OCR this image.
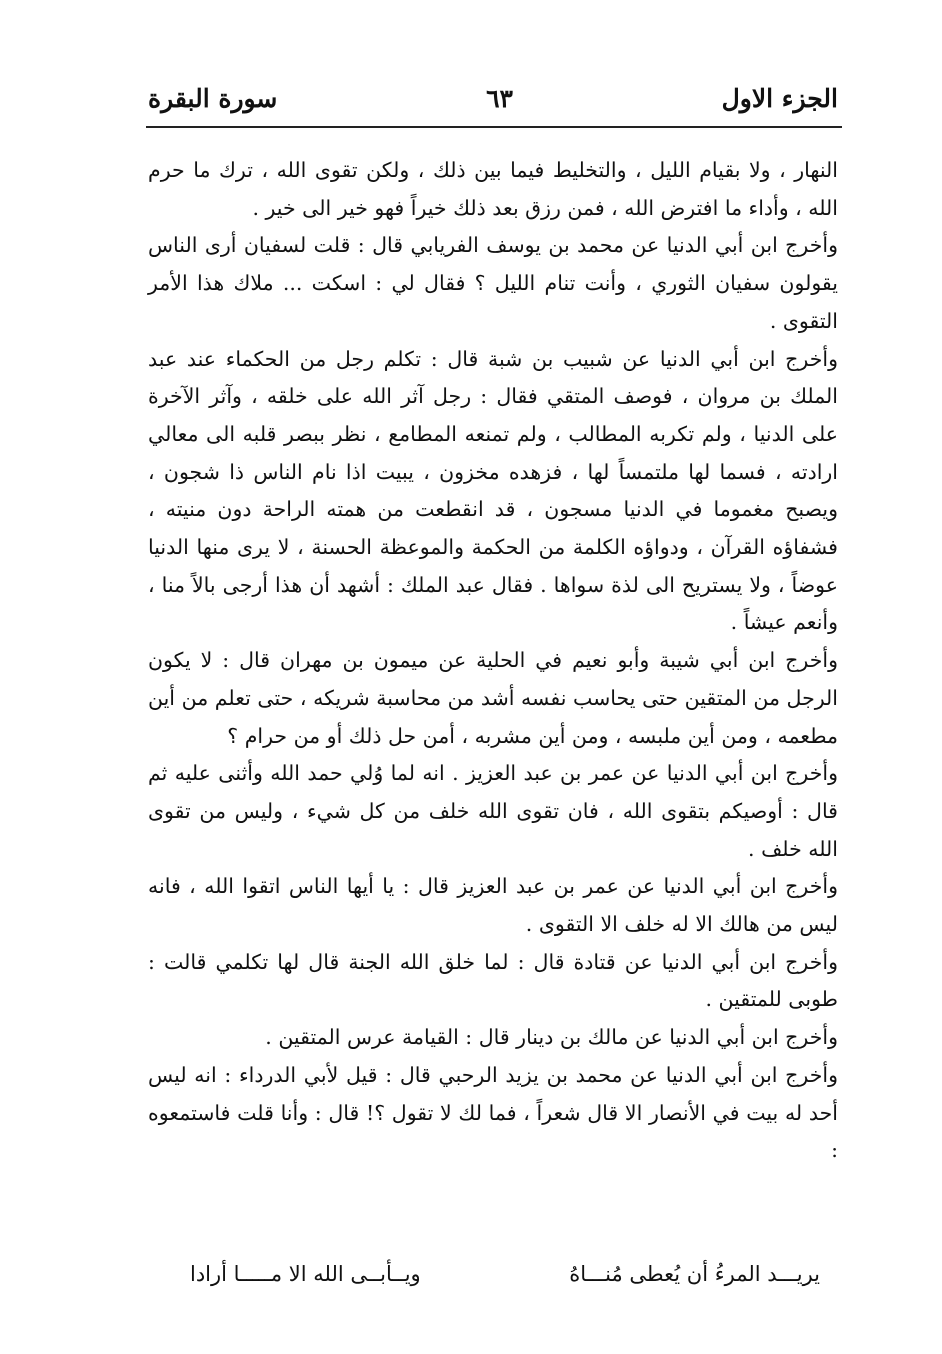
الجزء الاول
٦٣
سورة البقرة

النهار ، ولا بقيام الليل ، والتخليط فيما بين ذلك ، ولكن تقوى الله ، ترك ما حرم الله ، وأداء ما افترض الله ، فمن رزق بعد ذلك خيراً فهو خير الى خير .

وأخرج ابن أبي الدنيا عن محمد بن يوسف الفريابي قال : قلت لسفيان أرى الناس يقولون سفيان الثوري ، وأنت تنام الليل ؟ فقال لي : اسكت ... ملاك هذا الأمر التقوى .

وأخرج ابن أبي الدنيا عن شبيب بن شبة قال : تكلم رجل من الحكماء عند عبد الملك بن مروان ، فوصف المتقي فقال : رجل آثر الله على خلقه ، وآثر الآخرة على الدنيا ، ولم تكربه المطالب ، ولم تمنعه المطامع ، نظر ببصر قلبه الى معالي ارادته ، فسما لها ملتمساً لها ، فزهده مخزون ، يبيت اذا نام الناس ذا شجون ، ويصبح مغموما في الدنيا مسجون ، قد انقطعت من همته الراحة دون منيته ، فشفاؤه القرآن ، ودواؤه الكلمة من الحكمة والموعظة الحسنة ، لا يرى منها الدنيا عوضاً ، ولا يستريح الى لذة سواها . فقال عبد الملك : أشهد أن هذا أرجى بالاً منا ، وأنعم عيشاً .

وأخرج ابن أبي شيبة وأبو نعيم في الحلية عن ميمون بن مهران قال : لا يكون الرجل من المتقين حتى يحاسب نفسه أشد من محاسبة شريكه ، حتى تعلم من أين مطعمه ، ومن أين ملبسه ، ومن أين مشربه ، أمن حل ذلك أو من حرام ؟

وأخرج ابن أبي الدنيا عن عمر بن عبد العزيز . انه لما وُلي حمد الله وأثنى عليه ثم قال : أوصيكم بتقوى الله ، فان تقوى الله خلف من كل شيء ، وليس من تقوى الله خلف .

وأخرج ابن أبي الدنيا عن عمر بن عبد العزيز قال : يا أيها الناس اتقوا الله ، فانه ليس من هالك الا له خلف الا التقوى .

وأخرج ابن أبي الدنيا عن قتادة قال : لما خلق الله الجنة قال لها تكلمي قالت : طوبى للمتقين .

وأخرج ابن أبي الدنيا عن مالك بن دينار قال : القيامة عرس المتقين .

وأخرج ابن أبي الدنيا عن محمد بن يزيد الرحبي قال : قيل لأبي الدرداء : انه ليس أحد له بيت في الأنصار الا قال شعراً ، فما لك لا تقول ؟! قال : وأنا قلت فاستمعوه :

يريـــد المرءُ أن يُعطى مُنـــاهُ
ويــأبــى الله الا مـــــا أرادا
